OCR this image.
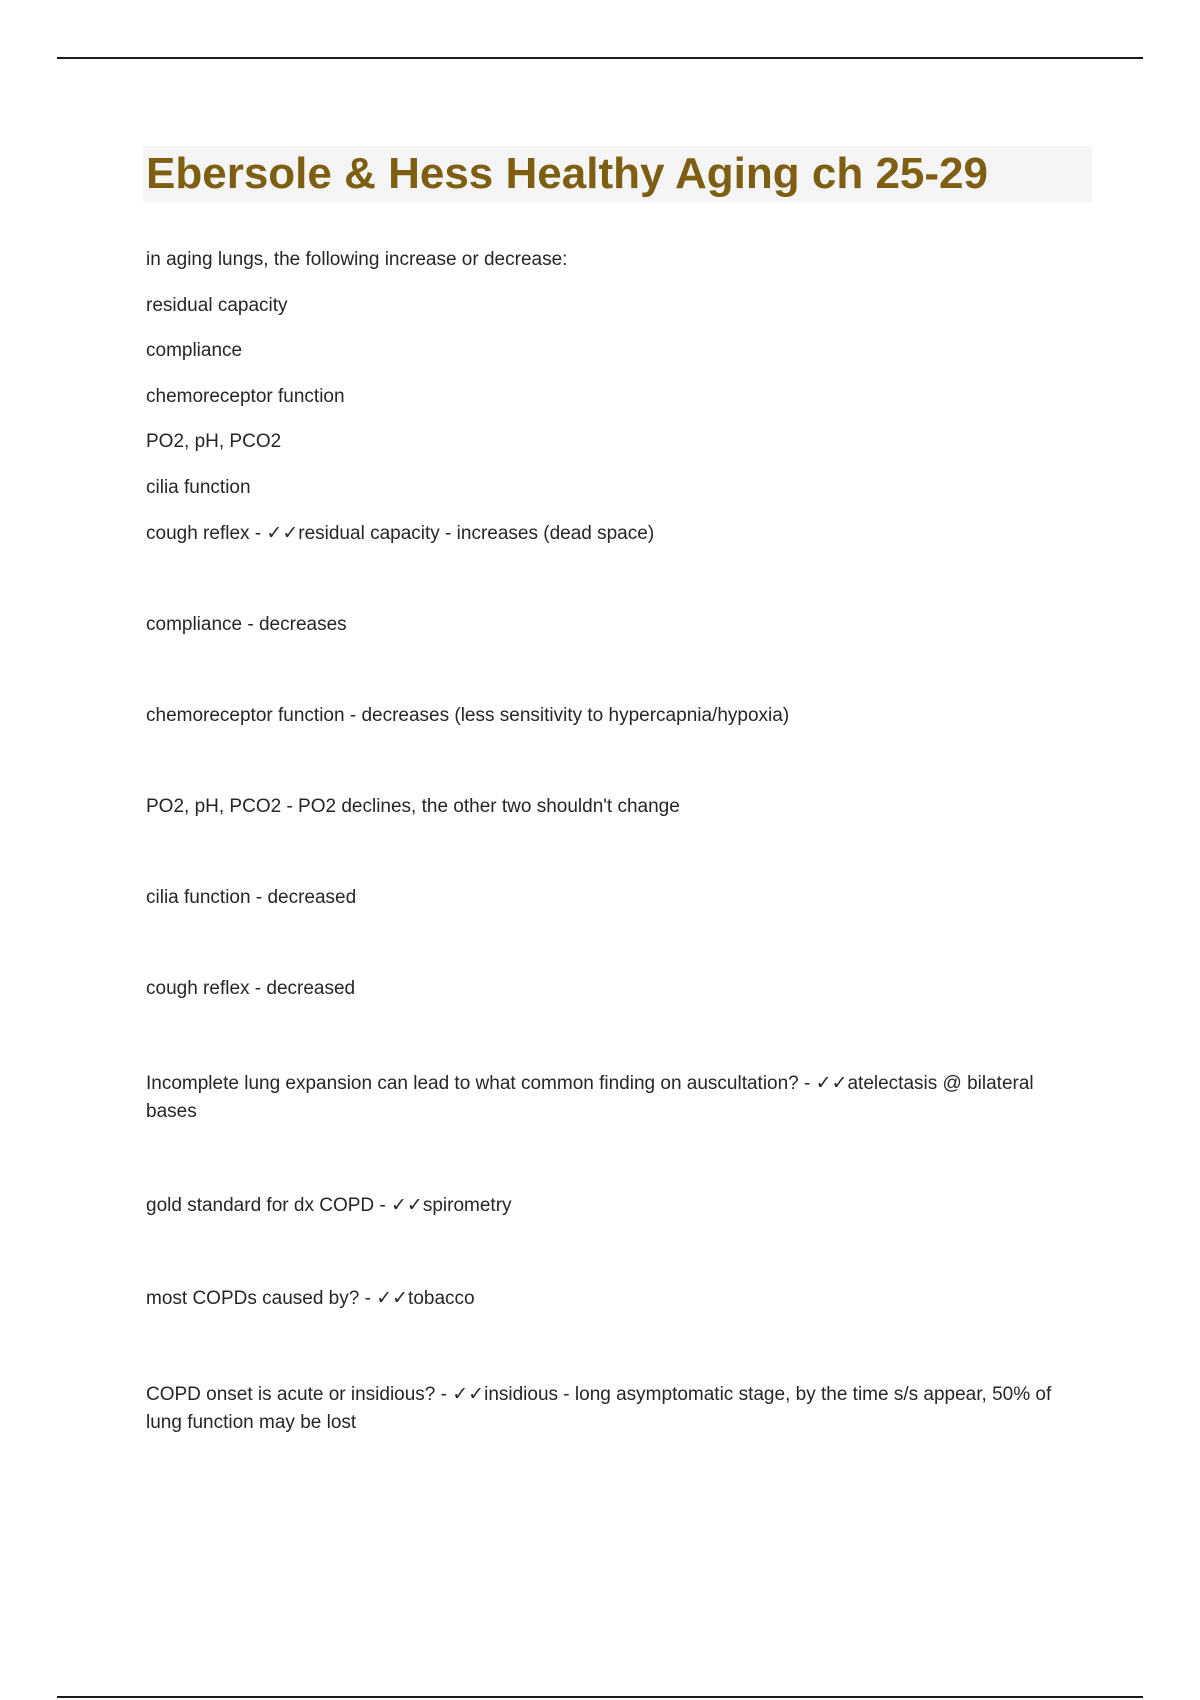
Ebersole & Hess Healthy Aging ch 25-29

in aging lungs, the following increase or decrease:

residual capacity

compliance

chemoreceptor function

PO2, pH, PCO2

cilia function

cough reflex - ✓✓residual capacity - increases (dead space)

compliance - decreases

chemoreceptor function - decreases (less sensitivity to hypercapnia/hypoxia)

PO2, pH, PCO2 - PO2 declines, the other two shouldn't change

cilia function - decreased

cough reflex - decreased

Incomplete lung expansion can lead to what common finding on auscultation? - ✓✓atelectasis @ bilateral bases

gold standard for dx COPD - ✓✓spirometry

most COPDs caused by? - ✓✓tobacco

COPD onset is acute or insidious? - ✓✓insidious - long asymptomatic stage, by the time s/s appear, 50% of lung function may be lost
